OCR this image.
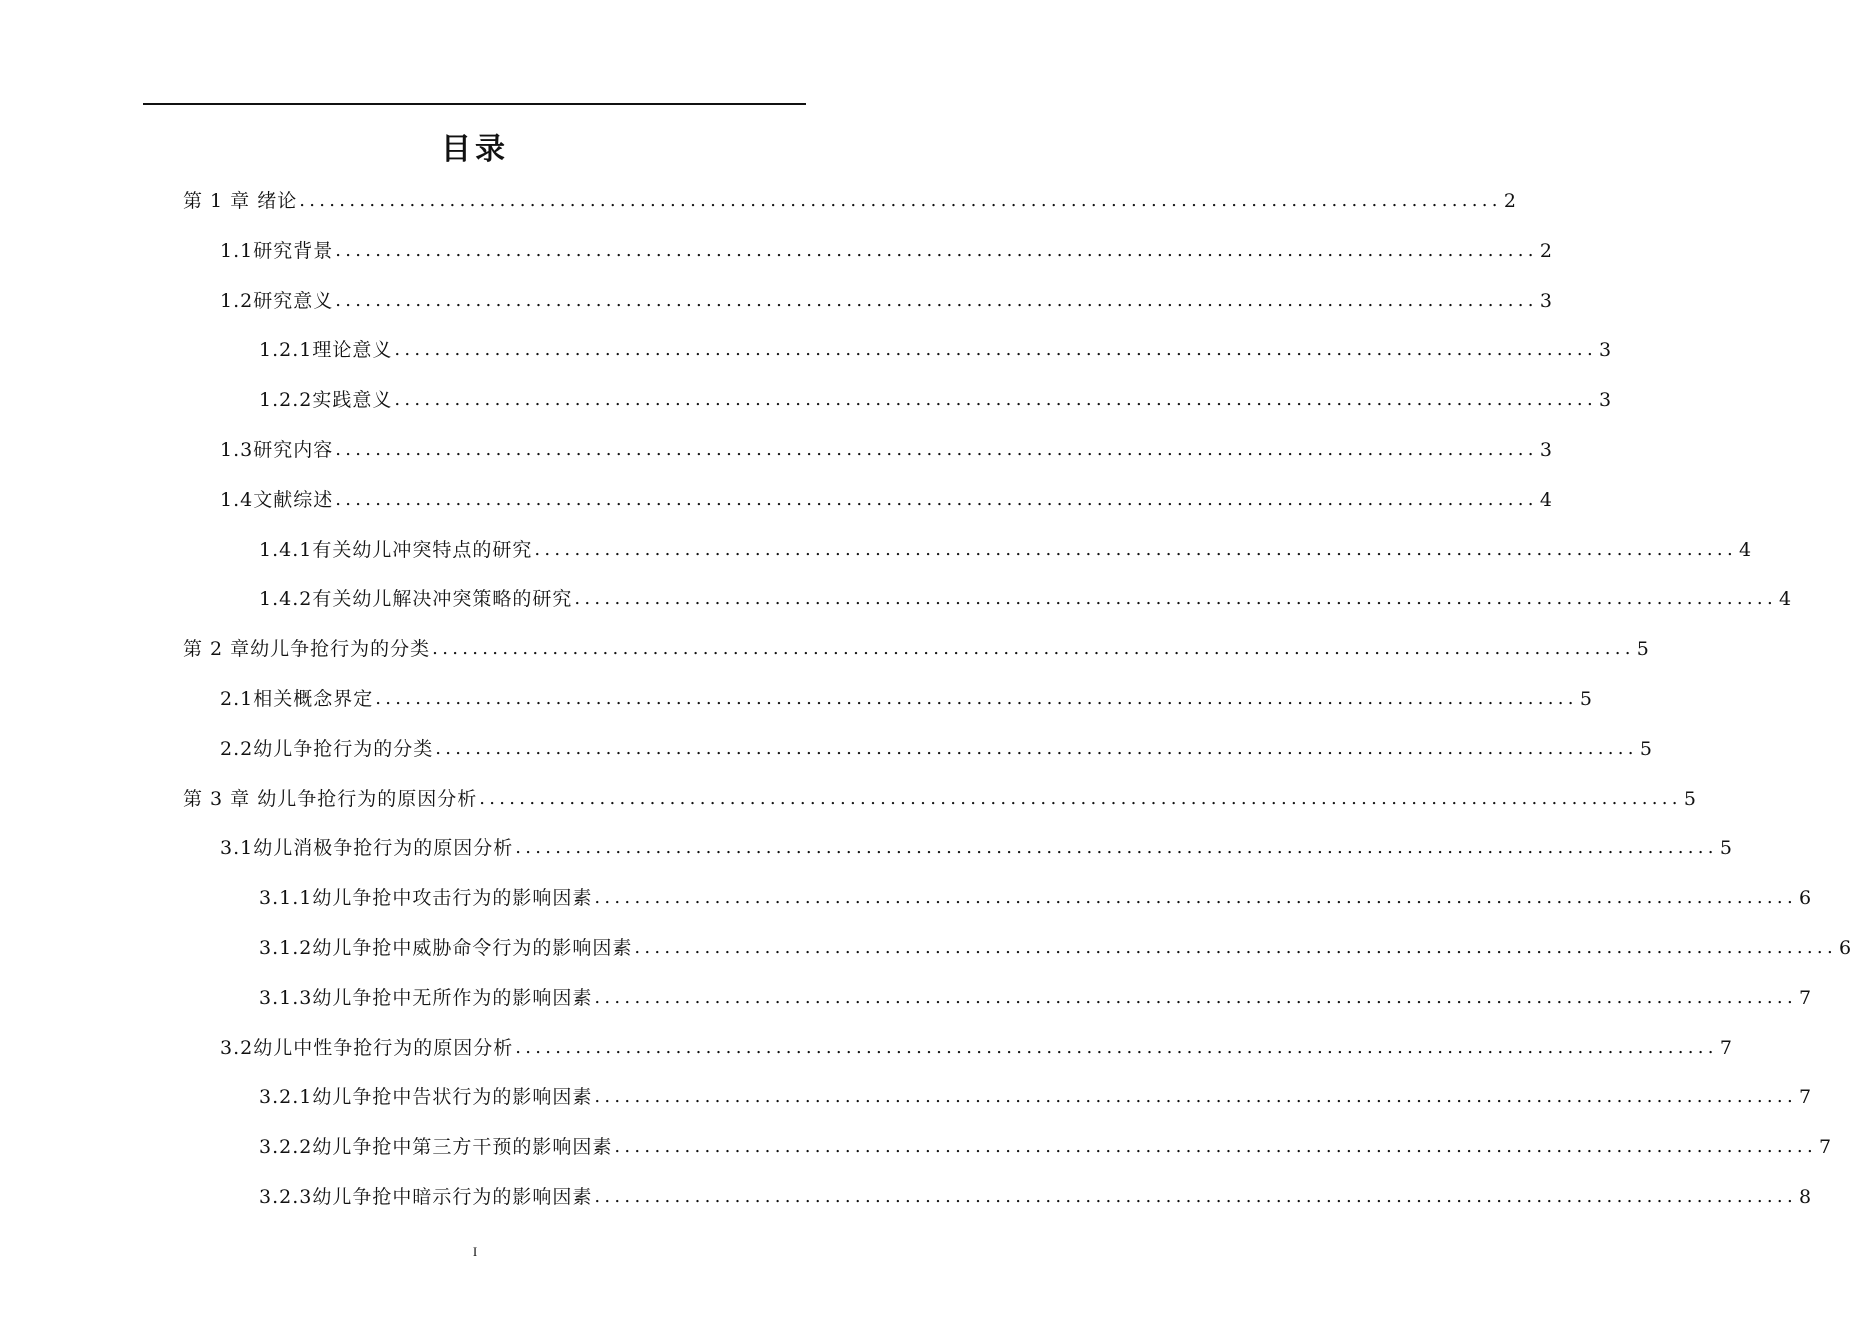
目录
第 1 章 绪论 ........................................................................................................................ 2
1.1研究背景 ........................................................................................................................ 2
1.2研究意义 ........................................................................................................................ 3
1.2.1理论意义 ........................................................................................................................ 3
1.2.2实践意义 ........................................................................................................................ 3
1.3研究内容 ........................................................................................................................ 3
1.4文献综述 ........................................................................................................................ 4
1.4.1有关幼儿冲突特点的研究 ........................................................................................................................ 4
1.4.2有关幼儿解决冲突策略的研究 ........................................................................................................................ 4
第 2 章幼儿争抢行为的分类 ........................................................................................................................ 5
2.1相关概念界定 ........................................................................................................................ 5
2.2幼儿争抢行为的分类 ........................................................................................................................ 5
第 3 章 幼儿争抢行为的原因分析 ........................................................................................................................ 5
3.1幼儿消极争抢行为的原因分析 ........................................................................................................................ 5
3.1.1幼儿争抢中攻击行为的影响因素 ........................................................................................................................ 6
3.1.2幼儿争抢中威胁命令行为的影响因素 ........................................................................................................................ 6
3.1.3幼儿争抢中无所作为的影响因素 ........................................................................................................................ 7
3.2幼儿中性争抢行为的原因分析 ........................................................................................................................ 7
3.2.1幼儿争抢中告状行为的影响因素 ........................................................................................................................ 7
3.2.2幼儿争抢中第三方干预的影响因素 ........................................................................................................................ 7
3.2.3幼儿争抢中暗示行为的影响因素 ........................................................................................................................ 8
I
